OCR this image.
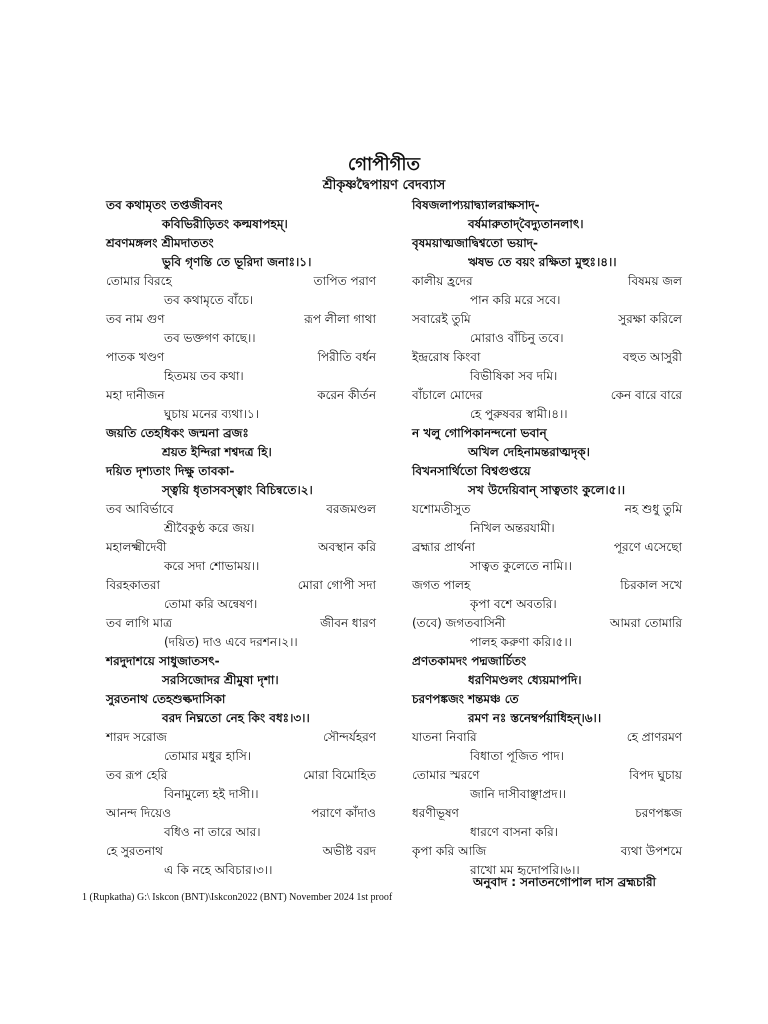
গোপীগীত
শ্রীকৃষ্ণদ্বৈপায়ণ বেদব্যাস
তব কথামৃতং তপ্তজীবনং
কবিভিরীড়িতং কল্মষাপহম্।
শ্রবণমঙ্গলং শ্রীমদাততং
ভুবি গৃণন্তি তে ভূরিদা জনাঃ।১।
তোমার বিরহে	তাপিত পরাণ
তব কথামৃতে বাঁচে।
তব নাম গুণ	রূপ লীলা গাথা
তব ভক্তগণ কাছে।।
পাতক খণ্ডণ	পিরীতি বর্ধন
হিতময় তব কথা।
মহা দানীজন	করেন কীর্তন
ঘুচায় মনের ব্যথা।১।
জয়তি তেহধিকং জন্মনা ব্রজঃ
শ্রয়ত ইন্দিরা শশ্বদত্র হি।
দয়িত দৃশ্যতাং দিক্ষু তাবকা-
স্ত্বয়ি ধৃতাসবস্ত্বাং বিচিন্বতে।২।
তব আবির্ভাবে	বরজমণ্ডল
শ্রীবৈকুণ্ঠ করে জয়।
মহালক্ষ্মীদেবী	অবস্থান করি
করে সদা শোভাময়।।
বিরহকাতরা	মোরা গোপী সদা
তোমা করি অন্বেষণ।
তব লাগি মাত্র	জীবন ধারণ
(দয়িত) দাও এবে দরশন।২।।
শরদুদাশয়ে সাধুজাতসৎ-
সরসিজোদর শ্রীমুষা দৃশা।
সুরতনাথ তেহশুল্কদাসিকা
বরদ নিঘ্নতো নেহ কিং বধঃ।৩।।
শারদ সরোজ	সৌন্দর্যহরণ
তোমার মধুর হাসি।
তব রূপ হেরি	মোরা বিমোহিত
বিনামুল্যে হই দাসী।।
আনন্দ দিয়েও	পরাণে কাঁদাও
বধিও না তারে আর।
হে সুরতনাথ	অভীষ্ট বরদ
এ কি নহে অবিচার।৩।।
বিষজলাপ্যয়াদ্ব্যালরাক্ষসাদ্-
বর্ষমারুতাদ্‌বৈদ্যুতানলাৎ।
বৃষময়াত্মজাদ্বিশ্বতো ভয়াদ্-
ঋষভ তে বয়ং রক্ষিতা মুহুঃ।৪।।
কালীয় হ্রদের	বিষময় জল
পান করি মরে সবে।
সবারেই তুমি	সুরক্ষা করিলে
মোরাও বাঁচিনু তবে।
ইন্দ্ররোষ কিংবা	বহুত আসুরী
বিভীষিকা সব দমি।
বাঁচালে মোদের	কেন বারে বারে
হে পুরুষবর স্বামী।৪।।
ন খলু গোপিকানন্দনো ভবান্
অখিল দেহিনামন্তরাত্মদৃক্।
বিখনসার্থিতো বিশ্বগুপ্তয়ে
সখ উদেয়িবান্ সাত্বতাং কুলে।৫।।
যশোমতীসুত	নহ শুধু তুমি
নিখিল অন্তরযামী।
ব্রহ্মার প্রার্থনা	পূরণে এসেছো
সাত্বত কুলেতে নামি।।
জগত পালহ	চিরকাল সখে
কৃপা বশে অবতরি।
(তবে) জগতবাসিনী	আমরা তোমারি
পালহ করুণা করি।৫।।
প্রণতকামদং পদ্মজার্চিতং
ধরণিমণ্ডলং ধ্যেয়মাপদি।
চরণপঙ্কজং শন্তমঞ্চ তে
রমণ নঃ স্তনেম্বর্পয়াধিহন্।৬।।
যাতনা নিবারি	হে প্রাণরমণ
বিধাতা পূজিত পাদ।
তোমার স্মরণে	বিপদ ঘুচায়
জানি দাসীবাঞ্ছাপ্রদ।।
ধরণীভূষণ	চরণপঙ্কজ
ধারণে বাসনা করি।
কৃপা করি আজি	ব্যথা উপশমে
রাখো মম হৃদোপরি।৬।।
অনুবাদ : সনাতনগোপাল দাস ব্রহ্মচারী
1 (Rupkatha) G:\ Iskcon (BNT)\Iskcon2022 (BNT) November 2024 1st proof
